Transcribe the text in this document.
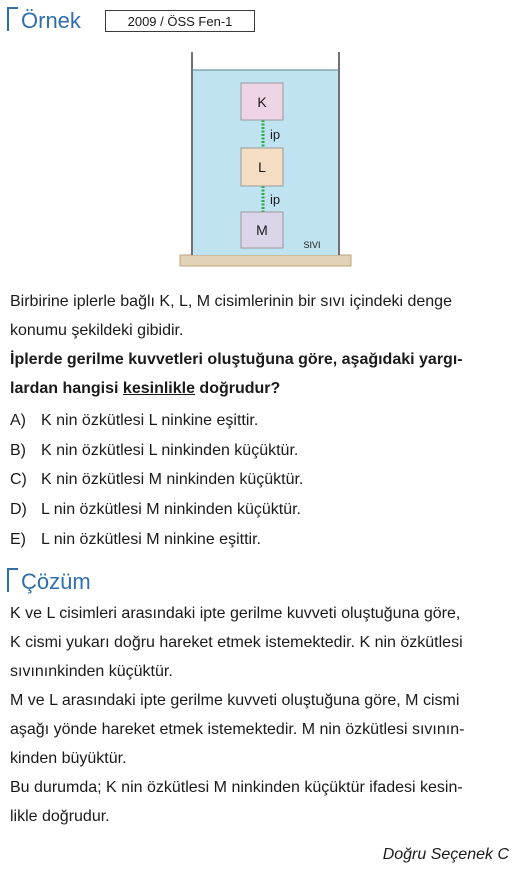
Örnek	2009 / ÖSS Fen-1
K
L
M
ip
ip
SIVI

Birbirine iplerle bağlı K, L, M cisimlerinin bir sıvı içindeki denge
konumu şekildeki gibidir.

İplerde gerilme kuvvetleri oluştuğuna göre, aşağıdaki yargı-
lardan hangisi kesinlikle doğrudur?

A) K nin özkütlesi L ninkine eşittir.
B) K nin özkütlesi L ninkinden küçüktür.
C) K nin özkütlesi M ninkinden küçüktür.
D) L nin özkütlesi M ninkinden küçüktür.
E) L nin özkütlesi M ninkine eşittir.
Çözüm

K ve L cisimleri arasındaki ipte gerilme kuvveti oluştuğuna göre,
K cismi yukarı doğru hareket etmek istemektedir. K nin özkütlesi
sıvınınkinden küçüktür.
M ve L arasındaki ipte gerilme kuvveti oluştuğuna göre, M cismi
aşağı yönde hareket etmek istemektedir. M nin özkütlesi sıvının-
kinden büyüktür.
Bu durumda; K nin özkütlesi M ninkinden küçüktür ifadesi kesin-
likle doğrudur.

Doğru Seçenek C
